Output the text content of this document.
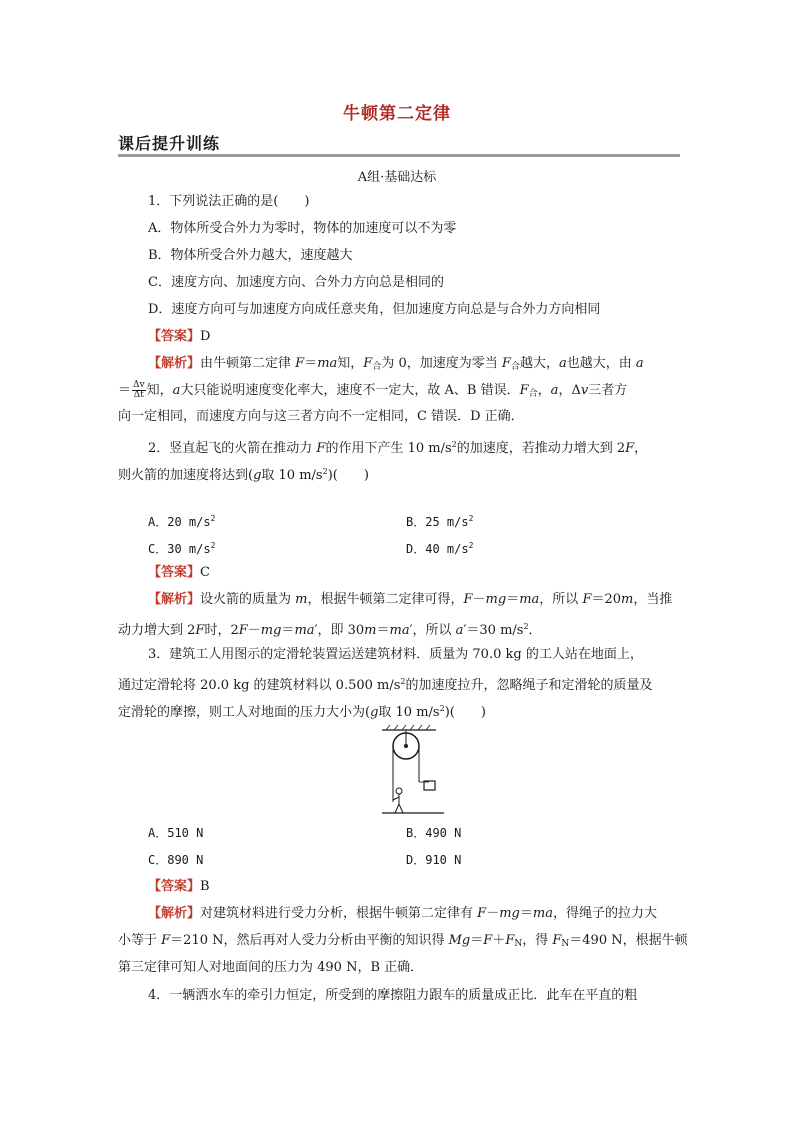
牛顿第二定律
课后提升训练
A组·基础达标
1．下列说法正确的是(　　)
A．物体所受合外力为零时，物体的加速度可以不为零
B．物体所受合外力越大，速度越大
C．速度方向、加速度方向、合外力方向总是相同的
D．速度方向可与加速度方向成任意夹角，但加速度方向总是与合外力方向相同
【答案】D
【解析】由牛顿第二定律 F＝ma知，$F_合$为 0，加速度为零当 $F_合$越大，a也越大，由 a
＝ $\frac{\Delta v}{\Delta t}$ 知，a大只能说明速度变化率大，速度不一定大，故 A、B 错误．$F_合$，a，Δv三者方
向一定相同，而速度方向与这三者方向不一定相同，C 错误．D 正确．
2．竖直起飞的火箭在推动力 F的作用下产生 10 $m/s^2$的加速度，若推动力增大到 2F，
则火箭的加速度将达到(g取 10 $m/s^2$)(　　)
A．20 $m/s^2$	B．25 $m/s^2$
C．30 $m/s^2$	D．40 $m/s^2$
【答案】C
【解析】设火箭的质量为 m，根据牛顿第二定律可得，F－mg＝ma，所以 F＝20m，当推
动力增大到 2F时，2F－mg＝ma′，即 30m＝ma′，所以 a′＝30 $m/s^2$．
3．建筑工人用图示的定滑轮装置运送建筑材料．质量为 70.0 kg 的工人站在地面上，
通过定滑轮将 20.0 kg 的建筑材料以 0.500 $m/s^2$的加速度拉升，忽略绳子和定滑轮的质量及
定滑轮的摩擦，则工人对地面的压力大小为(g取 10 $m/s^2$)(　　)
A．510 N	B．490 N
C．890 N	D．910 N
【答案】B
【解析】对建筑材料进行受力分析，根据牛顿第二定律有 F－mg＝ma，得绳子的拉力大
小等于 F＝210 N，然后再对人受力分析由平衡的知识得 $Mg=F+F_N$，得 $F_N=490$ N，根据牛顿
第三定律可知人对地面间的压力为 490 N，B 正确．
4．一辆洒水车的牵引力恒定，所受到的摩擦阻力跟车的质量成正比．此车在平直的粗
